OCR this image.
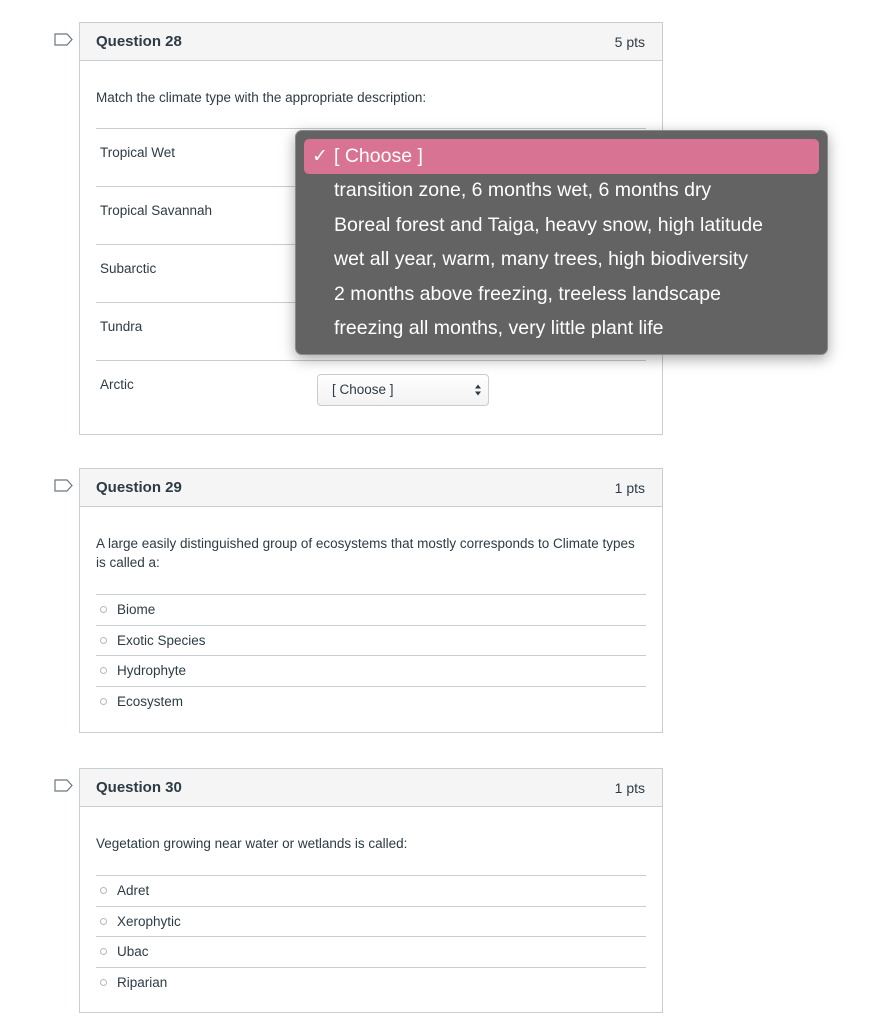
Question 28	5 pts
Match the climate type with the appropriate description:
Tropical Wet
Tropical Savannah
Subarctic
Tundra
Arctic	[ Choose ]
Question 29	1 pts
A large easily distinguished group of ecosystems that mostly corresponds to Climate types is called a:
Biome
Exotic Species
Hydrophyte
Ecosystem
Question 30	1 pts
Vegetation growing near water or wetlands is called:
Adret
Xerophytic
Ubac
Riparian
✓ [ Choose ]
transition zone, 6 months wet, 6 months dry
Boreal forest and Taiga, heavy snow, high latitude
wet all year, warm, many trees, high biodiversity
2 months above freezing, treeless landscape
freezing all months, very little plant life
